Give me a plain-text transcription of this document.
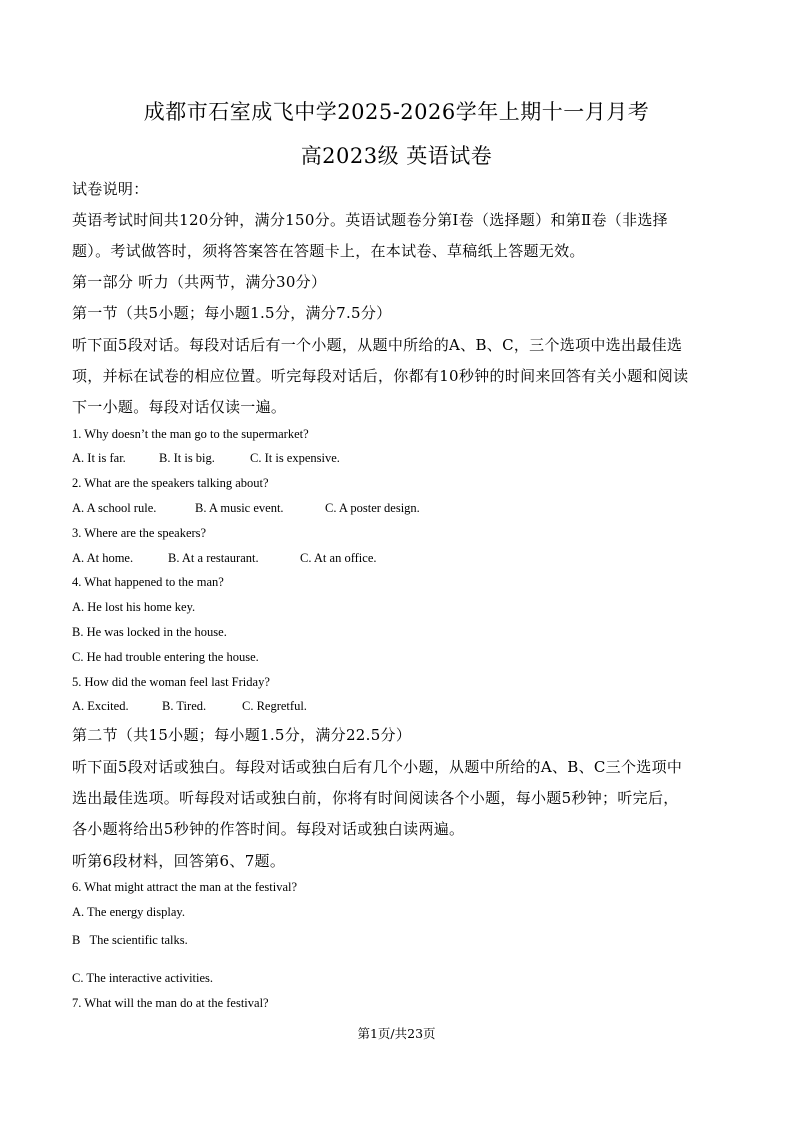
成都市石室成飞中学2025-2026学年上期十一月月考
高2023级 英语试卷
试卷说明：
英语考试时间共120分钟，满分150分。英语试题卷分第Ⅰ卷（选择题）和第Ⅱ卷（非选择
题）。考试做答时，须将答案答在答题卡上，在本试卷、草稿纸上答题无效。
第一部分 听力（共两节，满分30分）
第一节（共5小题；每小题1.5分，满分7.5分）
听下面5段对话。每段对话后有一个小题，从题中所给的A、B、C，三个选项中选出最佳选
项，并标在试卷的相应位置。听完每段对话后，你都有10秒钟的时间来回答有关小题和阅读
下一小题。每段对话仅读一遍。
1. Why doesn’t the man go to the supermarket?
A. It is far.	B. It is big.	C. It is expensive.
2. What are the speakers talking about?
A. A school rule.	B. A music event.	C. A poster design.
3. Where are the speakers?
A. At home.	B. At a restaurant.	C. At an office.
4. What happened to the man?
A. He lost his home key.
B. He was locked in the house.
C. He had trouble entering the house.
5. How did the woman feel last Friday?
A. Excited.	B. Tired.	C. Regretful.
第二节（共15小题；每小题1.5分，满分22.5分）
听下面5段对话或独白。每段对话或独白后有几个小题，从题中所给的A、B、C三个选项中
选出最佳选项。听每段对话或独白前，你将有时间阅读各个小题，每小题5秒钟；听完后，
各小题将给出5秒钟的作答时间。每段对话或独白读两遍。
听第6段材料，回答第6、7题。
6. What might attract the man at the festival?
A. The energy display.
B   The scientific talks.
C. The interactive activities.
7. What will the man do at the festival?
第1页/共23页
